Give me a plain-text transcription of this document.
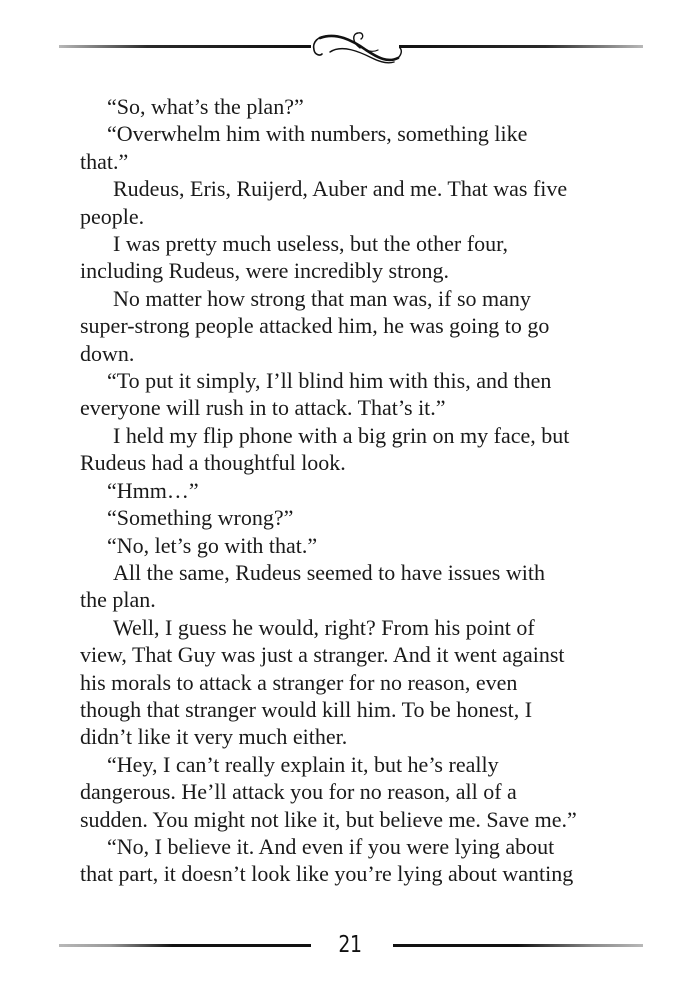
“So, what’s the plan?”

“Overwhelm him with numbers, something like
that.”

Rudeus, Eris, Ruijerd, Auber and me. That was five
people.

I was pretty much useless, but the other four,
including Rudeus, were incredibly strong.

No matter how strong that man was, if so many
super-strong people attacked him, he was going to go
down.

“To put it simply, I’ll blind him with this, and then
everyone will rush in to attack. That’s it.”

I held my flip phone with a big grin on my face, but
Rudeus had a thoughtful look.

“Hmm…”

“Something wrong?”

“No, let’s go with that.”

All the same, Rudeus seemed to have issues with
the plan.

Well, I guess he would, right? From his point of
view, That Guy was just a stranger. And it went against
his morals to attack a stranger for no reason, even
though that stranger would kill him. To be honest, I
didn’t like it very much either.

“Hey, I can’t really explain it, but he’s really
dangerous. He’ll attack you for no reason, all of a
sudden. You might not like it, but believe me. Save me.”

“No, I believe it. And even if you were lying about
that part, it doesn’t look like you’re lying about wanting

21
